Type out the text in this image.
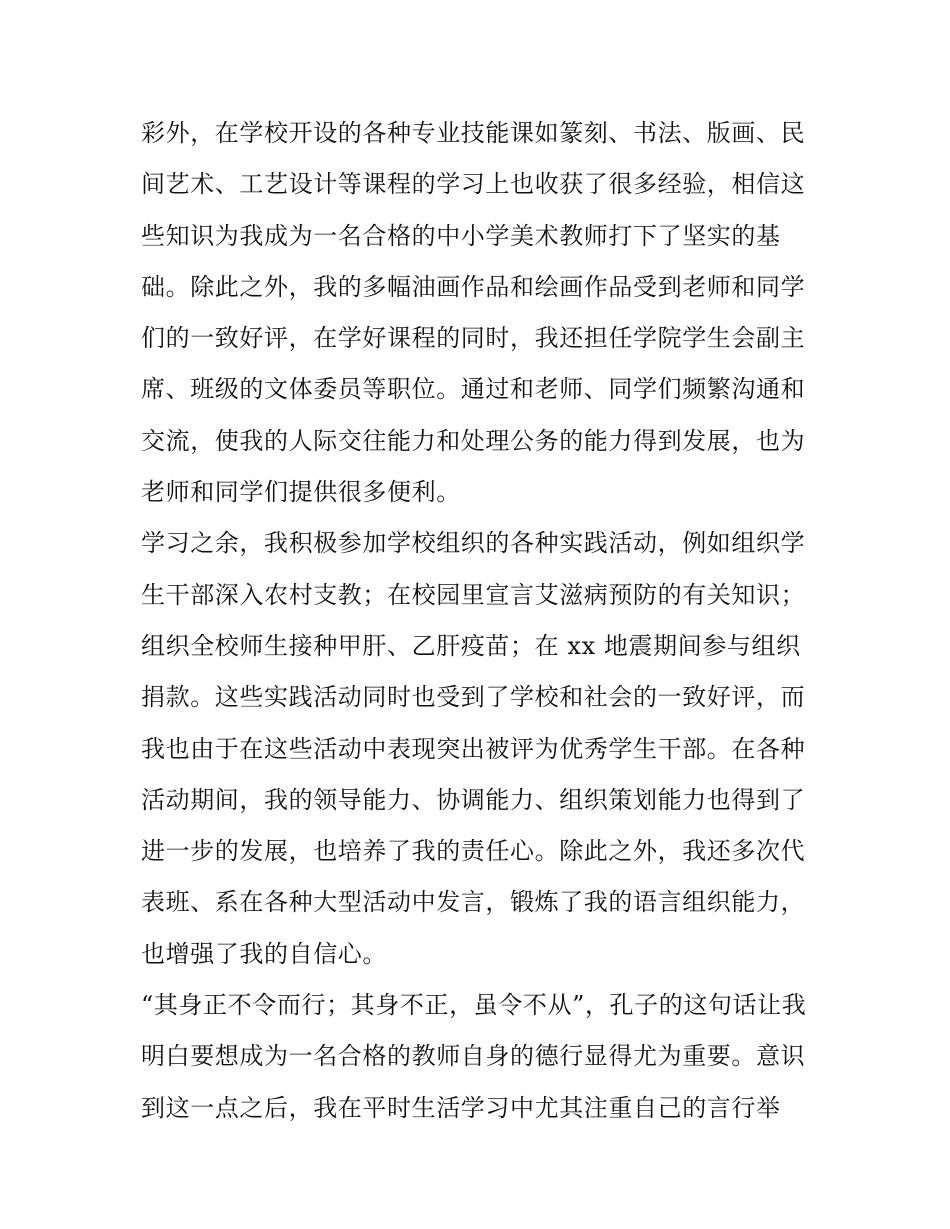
彩外，在学校开设的各种专业技能课如篆刻、书法、版画、民
间艺术、工艺设计等课程的学习上也收获了很多经验，相信这
些知识为我成为一名合格的中小学美术教师打下了坚实的基
础。除此之外，我的多幅油画作品和绘画作品受到老师和同学
们的一致好评，在学好课程的同时，我还担任学院学生会副主
席、班级的文体委员等职位。通过和老师、同学们频繁沟通和
交流，使我的人际交往能力和处理公务的能力得到发展，也为
老师和同学们提供很多便利。
学习之余，我积极参加学校组织的各种实践活动，例如组织学
生干部深入农村支教；在校园里宣言艾滋病预防的有关知识；
组织全校师生接种甲肝、乙肝疫苗；在 xx 地震期间参与组织
捐款。这些实践活动同时也受到了学校和社会的一致好评，而
我也由于在这些活动中表现突出被评为优秀学生干部。在各种
活动期间，我的领导能力、协调能力、组织策划能力也得到了
进一步的发展，也培养了我的责任心。除此之外，我还多次代
表班、系在各种大型活动中发言，锻炼了我的语言组织能力，
也增强了我的自信心。
“其身正不令而行；其身不正，虽令不从”，孔子的这句话让我
明白要想成为一名合格的教师自身的德行显得尤为重要。意识
到这一点之后，我在平时生活学习中尤其注重自己的言行举
